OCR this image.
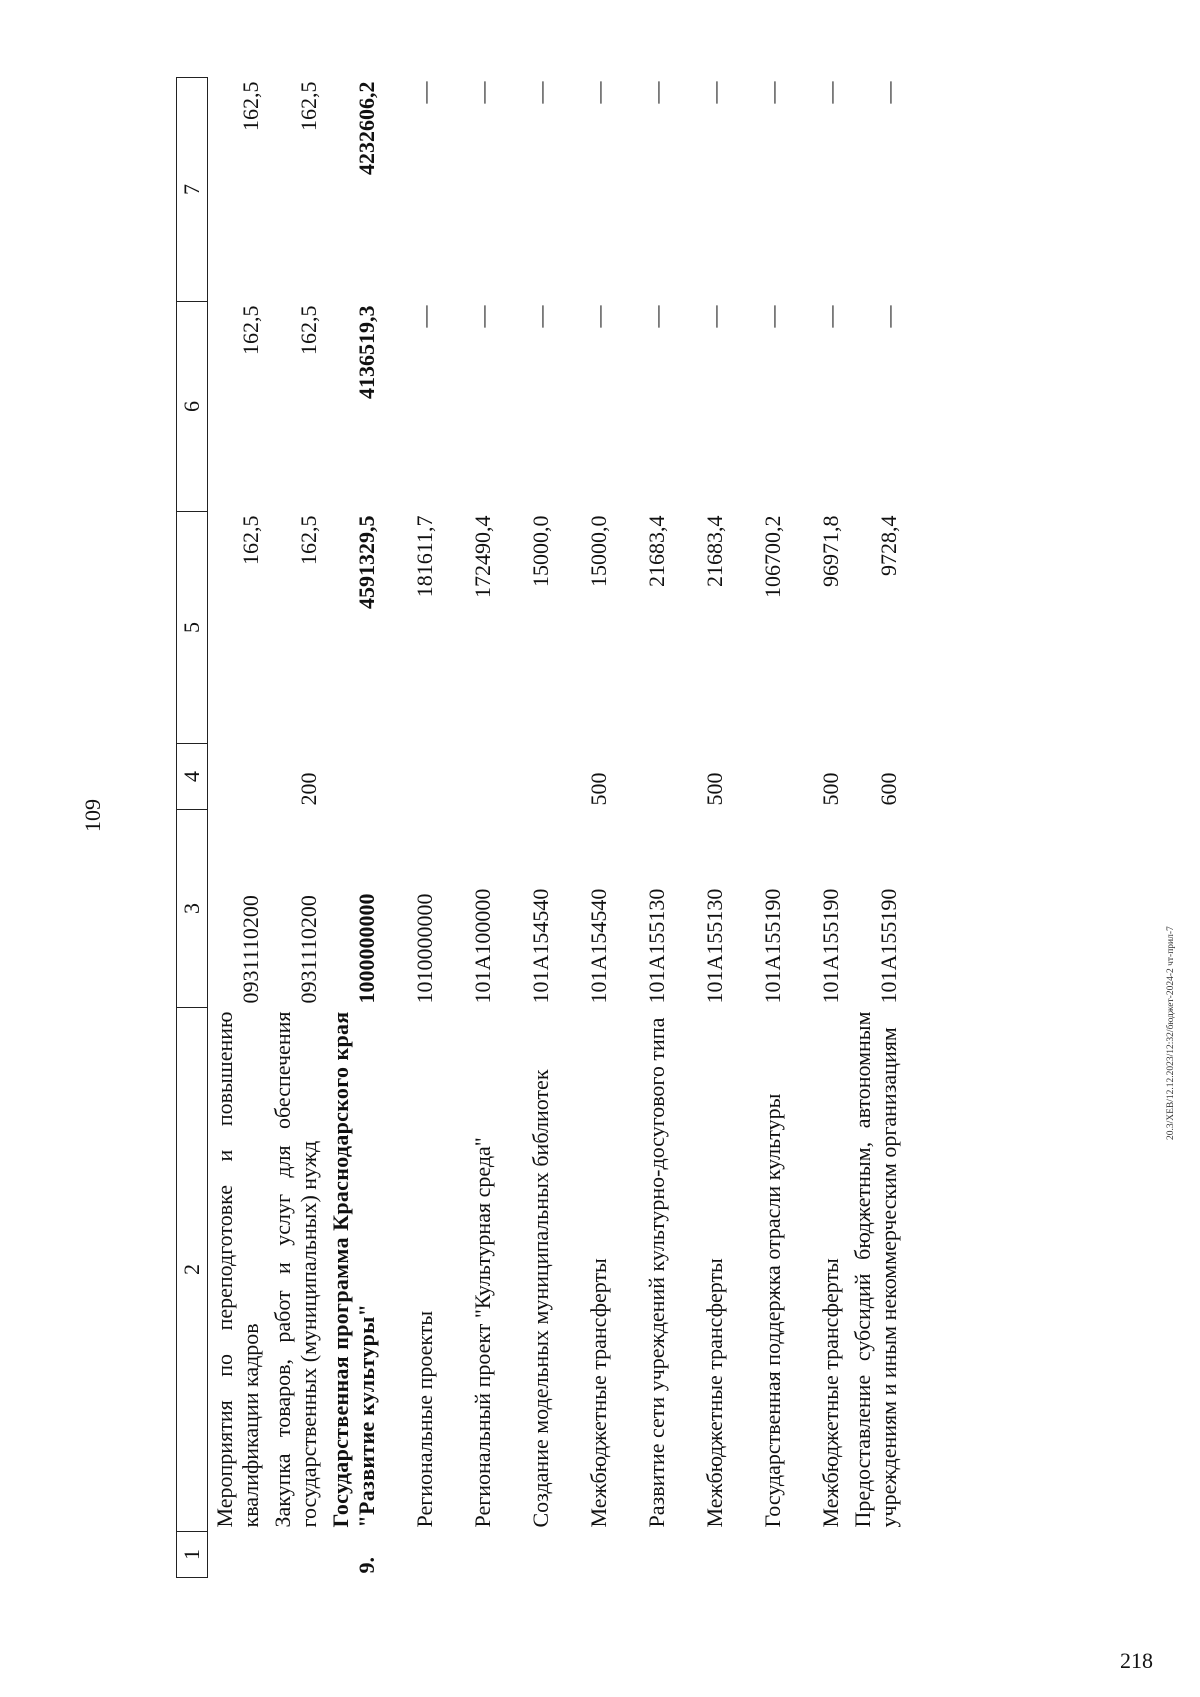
109
1	2	3	4	5	6	7
	Мероприятия по переподготовке и повышению квалификации кадров	0931110200		162,5	162,5	162,5
	Закупка товаров, работ и услуг для обеспечения государственных (муниципальных) нужд	0931110200	200	162,5	162,5	162,5
9.	Государственная программа Краснодарского края "Развитие культуры"	1000000000		4591329,5	4136519,3	4232606,2
	Региональные проекты	1010000000		181611,7	—	—
	Региональный проект "Культурная среда"	101A100000		172490,4	—	—
	Создание модельных муниципальных библиотек	101A154540		15000,0	—	—
	Межбюджетные трансферты	101A154540	500	15000,0	—	—
	Развитие сети учреждений культурно-досугового типа	101A155130		21683,4	—	—
	Межбюджетные трансферты	101A155130	500	21683,4	—	—
	Государственная поддержка отрасли культуры	101A155190		106700,2	—	—
	Межбюджетные трансферты	101A155190	500	96971,8	—	—
	Предоставление субсидий бюджетным, автономным учреждениям и иным некоммерческим организациям	101A155190	600	9728,4	—	—
20.3/XEB/12.12.2023/12:32/бюджет-2024-2 чт-прил-7
218
